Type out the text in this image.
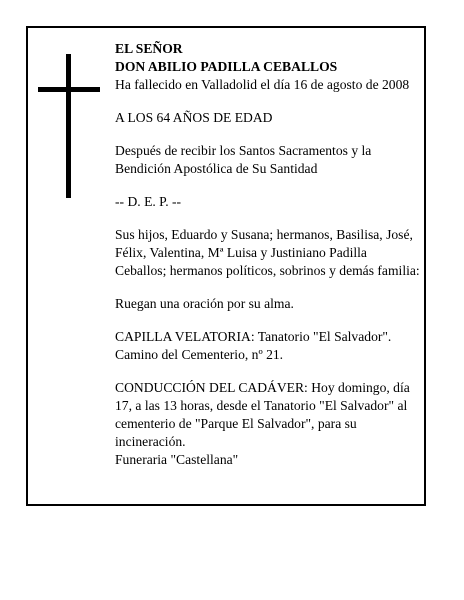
EL SEÑOR

DON ABILIO PADILLA CEBALLOS

Ha fallecido en Valladolid el día 16 de agosto de 2008

A LOS 64 AÑOS DE EDAD

Después de recibir los Santos Sacramentos y la

Bendición Apostólica de Su Santidad

-- D. E. P. --

Sus hijos, Eduardo y Susana; hermanos, Basilisa, José,

Félix, Valentina, Mª Luisa y Justiniano Padilla

Ceballos; hermanos políticos, sobrinos y demás familia:

Ruegan una oración por su alma.

CAPILLA VELATORIA: Tanatorio "El Salvador".

Camino del Cementerio, nº 21.

CONDUCCIÓN DEL CADÁVER: Hoy domingo, día

17, a las 13 horas, desde el Tanatorio "El Salvador" al

cementerio de "Parque El Salvador", para su

incineración.

Funeraria "Castellana"
